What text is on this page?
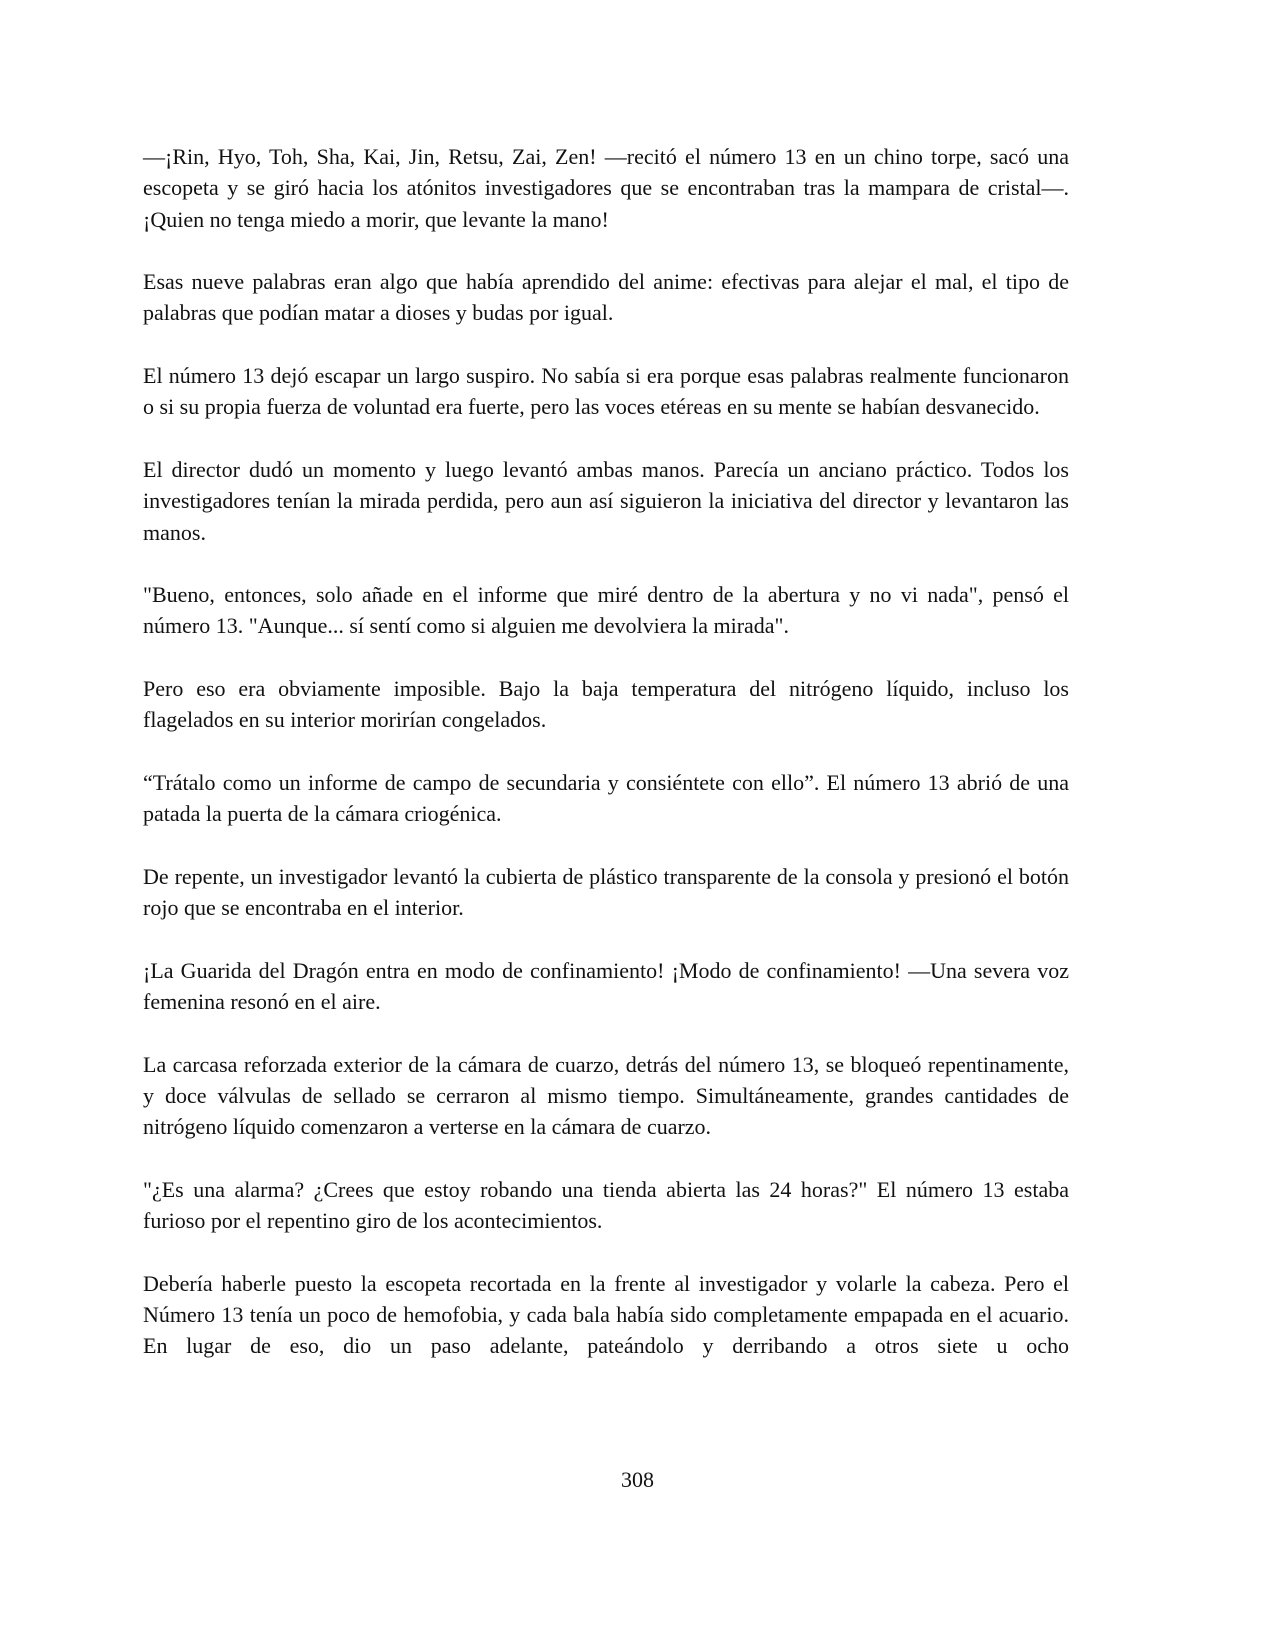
—¡Rin, Hyo, Toh, Sha, Kai, Jin, Retsu, Zai, Zen! —recitó el número 13 en un chino torpe, sacó una escopeta y se giró hacia los atónitos investigadores que se encontraban tras la mampara de cristal—. ¡Quien no tenga miedo a morir, que levante la mano!

Esas nueve palabras eran algo que había aprendido del anime: efectivas para alejar el mal, el tipo de palabras que podían matar a dioses y budas por igual.

El número 13 dejó escapar un largo suspiro. No sabía si era porque esas palabras realmente funcionaron o si su propia fuerza de voluntad era fuerte, pero las voces etéreas en su mente se habían desvanecido.

El director dudó un momento y luego levantó ambas manos. Parecía un anciano práctico. Todos los investigadores tenían la mirada perdida, pero aun así siguieron la iniciativa del director y levantaron las manos.

"Bueno, entonces, solo añade en el informe que miré dentro de la abertura y no vi nada", pensó el número 13. "Aunque... sí sentí como si alguien me devolviera la mirada".

Pero eso era obviamente imposible. Bajo la baja temperatura del nitrógeno líquido, incluso los flagelados en su interior morirían congelados.

“Trátalo como un informe de campo de secundaria y consiéntete con ello”. El número 13 abrió de una patada la puerta de la cámara criogénica.

De repente, un investigador levantó la cubierta de plástico transparente de la consola y presionó el botón rojo que se encontraba en el interior.

¡La Guarida del Dragón entra en modo de confinamiento! ¡Modo de confinamiento! —Una severa voz femenina resonó en el aire.

La carcasa reforzada exterior de la cámara de cuarzo, detrás del número 13, se bloqueó repentinamente, y doce válvulas de sellado se cerraron al mismo tiempo. Simultáneamente, grandes cantidades de nitrógeno líquido comenzaron a verterse en la cámara de cuarzo.

"¿Es una alarma? ¿Crees que estoy robando una tienda abierta las 24 horas?" El número 13 estaba furioso por el repentino giro de los acontecimientos.

Debería haberle puesto la escopeta recortada en la frente al investigador y volarle la cabeza. Pero el Número 13 tenía un poco de hemofobia, y cada bala había sido completamente empapada en el acuario. En lugar de eso, dio un paso adelante, pateándolo y derribando a otros siete u ocho

308
